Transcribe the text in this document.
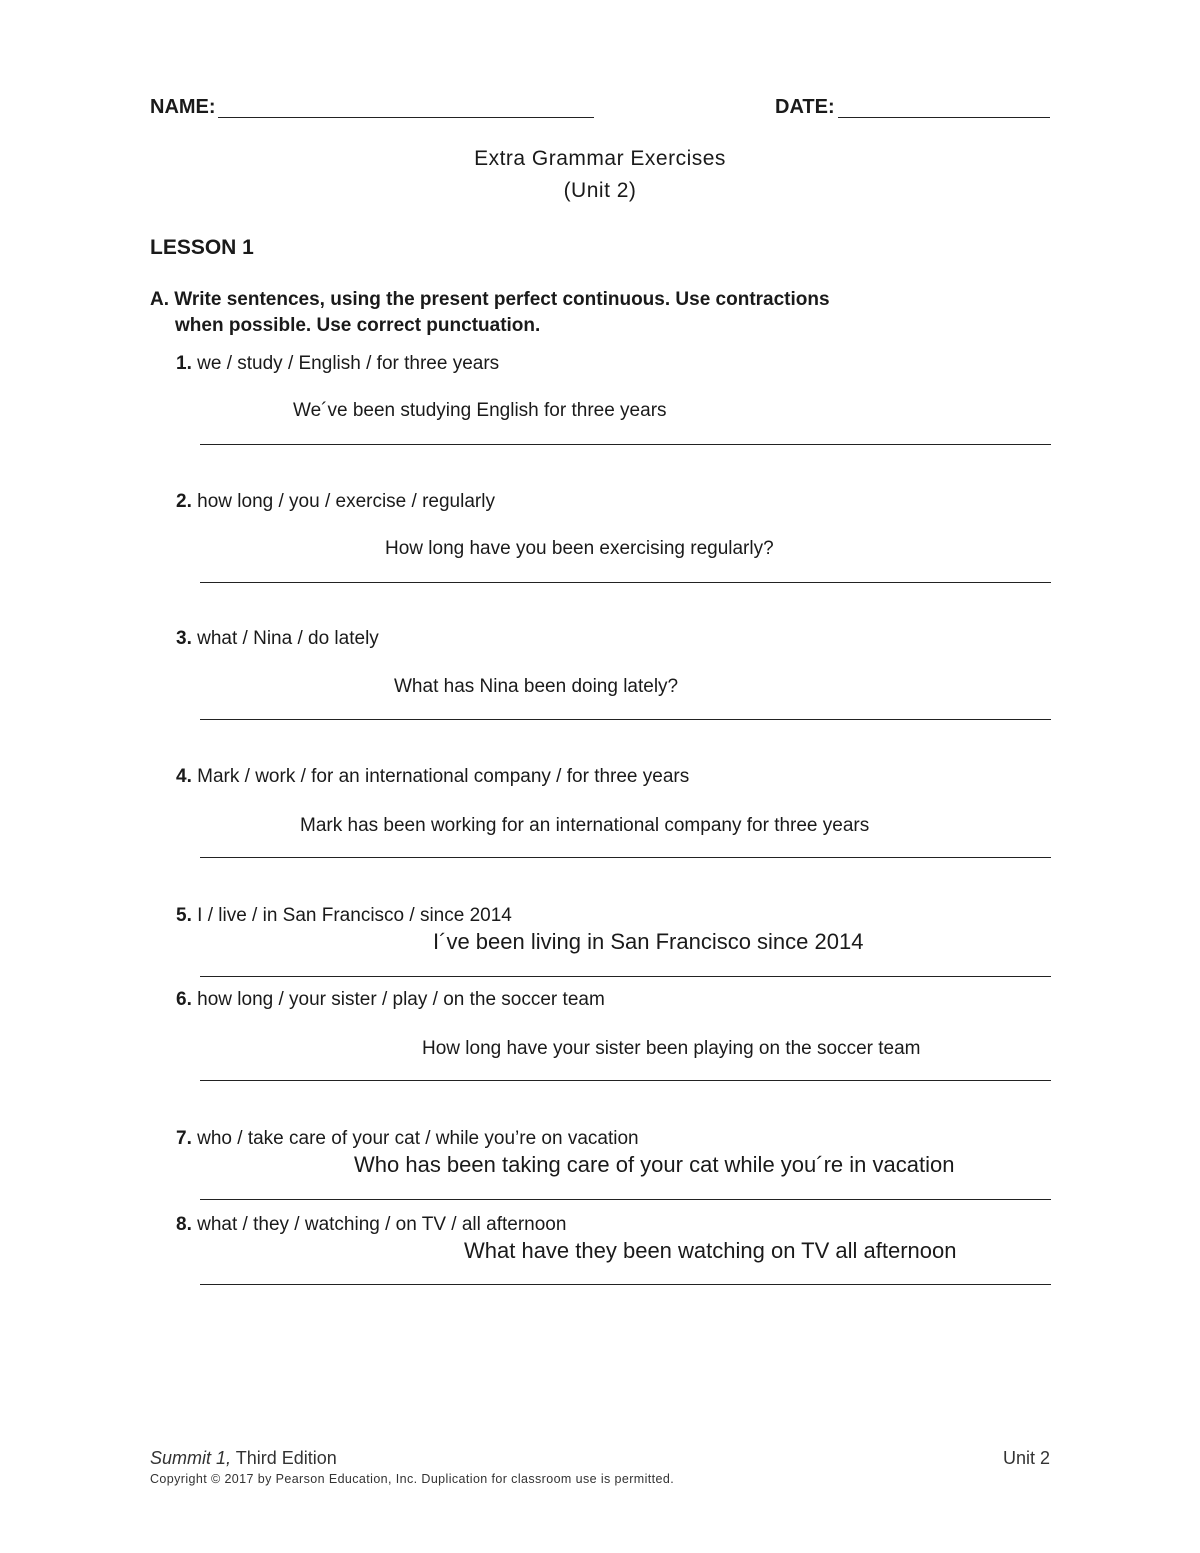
NAME:	DATE:
Extra Grammar Exercises
(Unit 2)
LESSON 1
A. Write sentences, using the present perfect continuous. Use contractions
when possible. Use correct punctuation.
1. we / study / English / for three years
We´ve been studying English for three years
2. how long / you / exercise / regularly
How long have you been exercising regularly?
3. what / Nina / do lately
What has Nina been doing lately?
4. Mark / work / for an international company / for three years
Mark has been working for an international company for three years
5. I / live / in San Francisco / since 2014
I´ve been living in San Francisco since 2014
6. how long / your sister / play / on the soccer team
How long have your sister been playing on the soccer team
7. who / take care of your cat / while you’re on vacation
Who has been taking care of your cat while you´re in vacation
8. what / they / watching / on TV / all afternoon
What have they been watching on TV all afternoon
Summit 1, Third Edition	Unit 2
Copyright © 2017 by Pearson Education, Inc. Duplication for classroom use is permitted.
